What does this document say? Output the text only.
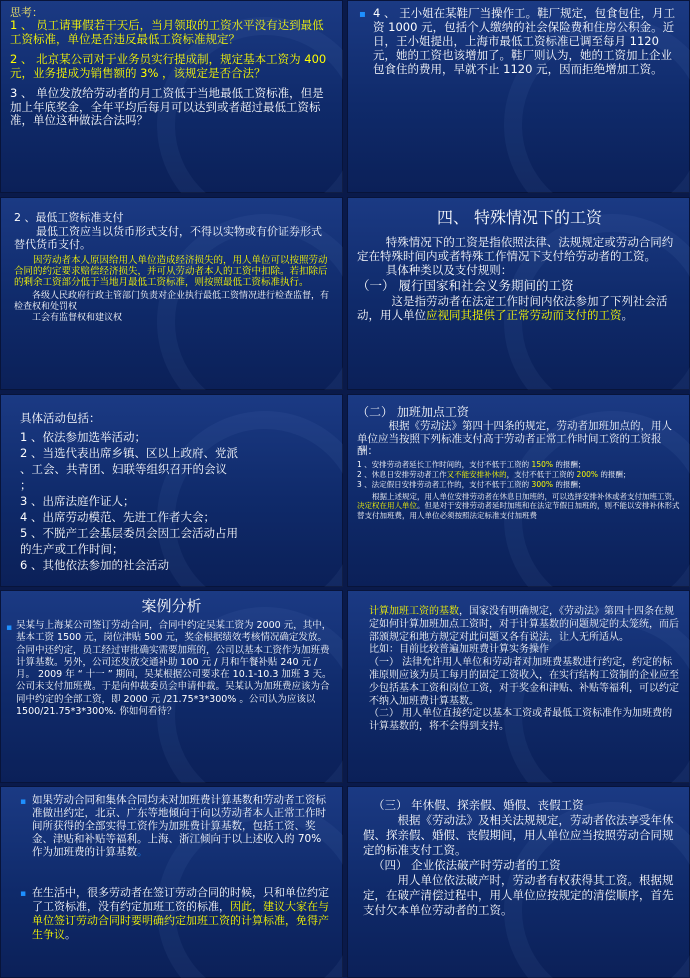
思考：

1 、 员工请事假若干天后，当月领取的工资水平没有达到最低工资标准，单位是否违反最低工资标准规定？

2 、 北京某公司对于业务员实行提成制，规定基本工资为 400 元，业务提成为销售额的 3% ，该规定是否合法？

3 、 单位发放给劳动者的月工资低于当地最低工资标准，但是加上年底奖金，全年平均后每月可以达到或者超过最低工资标准，单位这种做法合法吗？

▪ 4 、 王小姐在某鞋厂当操作工。鞋厂规定，包食包住，月工资 1000 元，包括个人缴纳的社会保险费和住房公积金。近日，王小姐提出，上海市最低工资标准已调至每月 1120 元，她的工资也该增加了。鞋厂则认为，她的工资加上企业包食住的费用，早就不止 1120 元，因而拒绝增加工资。

2 、最低工资标准支付

最低工资应当以货币形式支付，不得以实物或有价证券形式替代货币支付。

因劳动者本人原因给用人单位造成经济损失的，用人单位可以按照劳动合同的约定要求赔偿经济损失，并可从劳动者本人的工资中扣除。若扣除后的剩余工资部分低于当地月最低工资标准，则按照最低工资标准执行。

各级人民政府行政主管部门负责对企业执行最低工资情况进行检查监督，有检查权和处罚权

工会有监督权和建议权

四、 特殊情况下的工资

特殊情况下的工资是指依照法律、法规规定或劳动合同约定在特殊时间内或者特殊工作情况下支付给劳动者的工资。

具体种类以及支付规则：

（一） 履行国家和社会义务期间的工资

这是指劳动者在法定工作时间内依法参加了下列社会活动，用人单位应视同其提供了正常劳动而支付的工资。

具体活动包括：

1 、依法参加选举活动；

2 、当选代表出席乡镇、区以上政府、党派

、工会、共青团、妇联等组织召开的会议

；

3 、出席法庭作证人；

4 、出席劳动模范、先进工作者大会；

5 、不脱产工会基层委员会因工会活动占用

的生产或工作时间；

6 、其他依法参加的社会活动

（二） 加班加点工资

根据《劳动法》第四十四条的规定，劳动者加班加点的，用人单位应当按照下列标准支付高于劳动者正常工作时间工资的工资报酬：

1 、安排劳动者延长工作时间的，支付不低于工资的 150% 的报酬；

2 、休息日安排劳动者工作又不能安排补休的，支付不低于工资的 200% 的报酬；

3 、法定假日安排劳动者工作的，支付不低于工资的 300% 的报酬；

根据上述规定，用人单位安排劳动者在休息日加班的，可以选择安排补休或者支付加班工资，决定权在用人单位。但是对于安排劳动者延时加班和在法定节假日加班的，则不能以安排补休形式替支付加班费，用人单位必须按照法定标准支付加班费

案例分析
▪ 吴某与上海某公司签订劳动合同，合同中约定吴某工资为 2000 元，其中，基本工资 1500 元，岗位津贴 500 元，奖金根据绩效考核情况确定发放。合同中还约定，员工经过审批确实需要加班的，公司以基本工资作为加班费计算基数。另外，公司还发放交通补助 100 元 / 月和午餐补贴 240 元 / 月。 2009 年 “ 十一 ” 期间，吴某根据公司要求在 10.1-10.3 加班 3 天。公司未支付加班费。于是向仲裁委员会申请仲裁。吴某认为加班费应该为合同中约定的全部工资，即 2000 元 /21.75*3*300% 。公司认为应该以 1500/21.75*3*300%. 你如何看待？

计算加班工资的基数，国家没有明确规定，《劳动法》第四十四条在规定如何计算加班加点工资时，对于计算基数的问题规定的太笼统，而后部颁规定和地方规定对此问题又各有说法，让人无所适从。

比如：目前比较普遍加班费计算实务操作

（一） 法律允许用人单位和劳动者对加班费基数进行约定，约定的标准原则应该为员工每月的固定工资收入，在实行结构工资制的企业应至少包括基本工资和岗位工资，对于奖金和津贴、补贴等福利，可以约定不纳入加班费计算基数。

（二） 用人单位直接约定以基本工资或者最低工资标准作为加班费的计算基数的，将不会得到支持。

▪ 如果劳动合同和集体合同均未对加班费计算基数和劳动者工资标准做出约定，北京、广东等地倾向于向以劳动者本人正常工作时间所获得的全部实得工资作为加班费计算基数，包括工资、奖金、津贴和补贴等福利。上海、浙江倾向于以上述收入的 70% 作为加班费的计算基数。

▪ 在生活中，很多劳动者在签订劳动合同的时候，只和单位约定了工资标准，没有约定加班工资的标准，因此，建议大家在与单位签订劳动合同时要明确约定加班工资的计算标准，免得产生争议。

（三） 年休假、探亲假、婚假、丧假工资

根据《劳动法》及相关法规规定，劳动者依法享受年休假、探亲假、婚假、丧假期间，用人单位应当按照劳动合同规定的标准支付工资。

（四） 企业依法破产时劳动者的工资

用人单位依法破产时，劳动者有权获得其工资。根据规定，在破产清偿过程中，用人单位应按规定的清偿顺序，首先支付欠本单位劳动者的工资。
